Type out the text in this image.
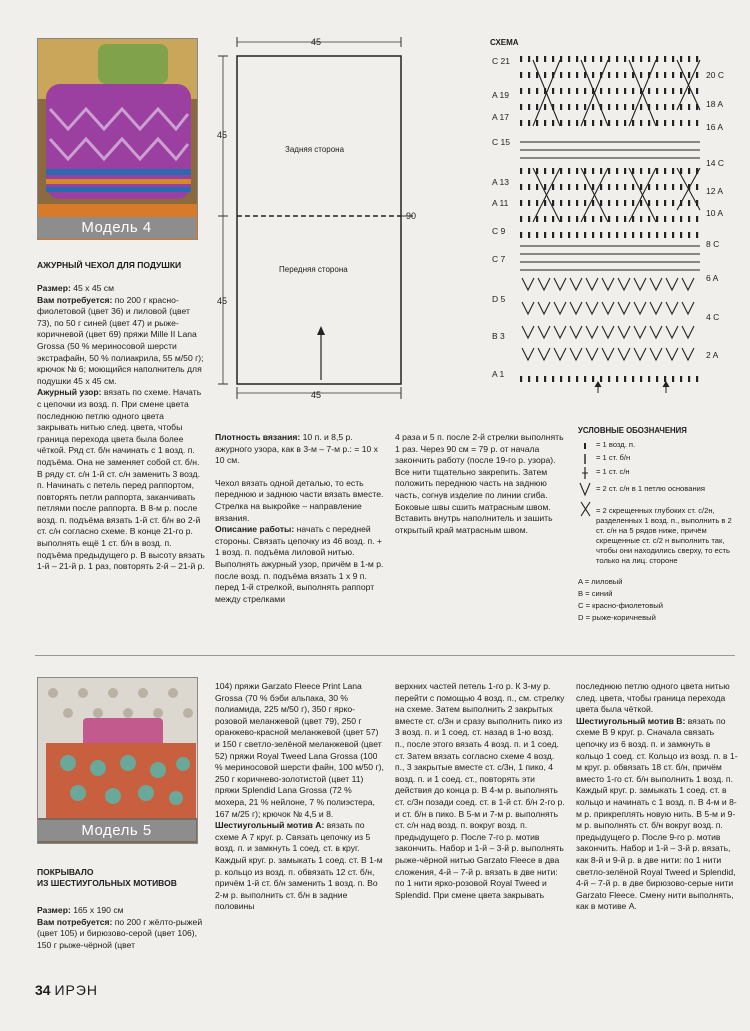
Модель 4
АЖУРНЫЙ ЧЕХОЛ ДЛЯ ПОДУШКИ

Размер: 45 х 45 см

Вам потребуется: по 200 г красно-фиолетовой (цвет 36) и лиловой (цвет 73), по 50 г синей (цвет 47) и рыже-коричневой (цвет 69) пряжи Mille II Lana Grossa (50 % мериносовой шерсти экстрафайн, 50 % полиакрила, 55 м/50 г); крючок № 6; моющийся наполнитель для подушки 45 х 45 см.

Ажурный узор: вязать по схеме. Начать с цепочки из возд. п. При смене цвета последнюю петлю одного цвета закрывать нитью след. цвета, чтобы граница перехода цвета была более чёткой. Ряд ст. б/н начинать с 1 возд. п. подъёма. Она не заменяет собой ст. б/н. В ряду ст. с/н 1-й ст. с/н заменить 3 возд. п. Начинать с петель перед раппортом, повторять петли раппорта, заканчивать петлями после раппорта. В 8-м р. после возд. п. подъёма вязать 1-й ст. б/н во 2-й ст. с/н согласно схеме. В конце 21-го р. выполнять ещё 1 ст. б/н в возд. п. подъёма предыдущего р. В высоту вязать 1-й – 21-й р. 1 раз, повторять 2-й – 21-й р.

45
45
45
90
45
Задняя сторона
Передняя сторона
СХЕМА
C 21
A 19
A 17
C 15
A 13
A 11
C 9
C 7
D 5
B 3
A 1
20 C
18 A
16 A
14 C
12 A
10 A
8 C
6 A
4 C
2 A

Плотность вязания: 10 п. и 8,5 р. ажурного узора, как в 3-м – 7-м р.: = 10 х 10 см.

Чехол вязать одной деталью, то есть переднюю и заднюю части вязать вместе. Стрелка на выкройке – направление вязания.

Описание работы: начать с передней стороны. Связать цепочку из 46 возд. п. + 1 возд. п. подъёма лиловой нитью. Выполнять ажурный узор, причём в 1-м р. после возд. п. подъёма вязать 1 х 9 п. перед 1-й стрелкой, выполнять раппорт между стрелками

4 раза и 5 п. после 2-й стрелки выполнять 1 раз. Через 90 см = 79 р. от начала закончить работу (после 19-го р. узора).

Все нити тщательно закрепить. Затем положить переднюю часть на заднюю часть, согнув изделие по линии сгиба. Боковые швы сшить матрасным швом. Вставить внутрь наполнитель и зашить открытый край матрасным швом.

УСЛОВНЫЕ ОБОЗНАЧЕНИЯ
= 1 возд. п.
= 1 ст. б/н
= 1 ст. с/н
= 2 ст. с/н в 1 петлю основания
= 2 скрещенных глубоких ст. с/2н, разделенных 1 возд. п., выполнить в 2 ст. с/н на 5 рядов ниже, причём скрещенные ст. с/2 н выполнить так, чтобы они находились сверху, то есть только на лиц. стороне
A = лиловый
B = синий
C = красно-фиолетовый
D = рыже-коричневый
Модель 5
ПОКРЫВАЛО
ИЗ ШЕСТИУГОЛЬНЫХ МОТИВОВ

Размер: 165 х 190 см

Вам потребуется: по 200 г жёлто-рыжей (цвет 105) и бирюзово-серой (цвет 106), 150 г рыже-чёрной (цвет

104) пряжи Garzato Fleece Print Lana Grossa (70 % бэби альпака, 30 % полиамида, 225 м/50 г), 350 г ярко-розовой меланжевой (цвет 79), 250 г оранжево-красной меланжевой (цвет 57) и 150 г светло-зелёной меланжевой (цвет 52) пряжи Royal Tweed Lana Grossa (100 % мериносовой шерсти файн, 100 м/50 г), 250 г коричнево-золотистой (цвет 11) пряжи Splendid Lana Grossa (72 % мохера, 21 % нейлоне, 7 % полиэстера, 167 м/25 г); крючок № 4,5 и 8.

Шестиугольный мотив А: вязать по схеме А 7 круг. р. Связать цепочку из 5 возд. п. и замкнуть 1 соед. ст. в круг. Каждый круг. р. замыкать 1 соед. ст. В 1-м р. кольцо из возд. п. обвязать 12 ст. б/н, причём 1-й ст. б/н заменить 1 возд. п. Во 2-м р. выполнить ст. б/н в задние половины

верхних частей петель 1-го р. К 3-му р. перейти с помощью 4 возд. п., см. стрелку на схеме. Затем выполнить 2 закрытых вместе ст. с/3н и сразу выполнить пико из 3 возд. п. и 1 соед. ст. назад в 1-ю возд. п., после этого вязать 4 возд. п. и 1 соед. ст. Затем вязать согласно схеме 4 возд. п., 3 закрытые вместе ст. с/3н, 1 пико, 4 возд. п. и 1 соед. ст., повторять эти действия до конца р. В 4-м р. выполнять ст. с/3н позади соед. ст. в 1-й ст. б/н 2-го р. и ст. б/н в пико. В 5-м и 7-м р. выполнять ст. с/н над возд. п. вокруг возд. п. предыдущего р. После 7-го р. мотив закончить. Набор и 1-й – 3-й р. выполнять рыже-чёрной нитью Garzato Fleece в два сложения, 4-й – 7-й р. вязать в две нити: по 1 нити ярко-розовой Royal Tweed и Splendid. При смене цвета закрывать

последнюю петлю одного цвета нитью след. цвета, чтобы граница перехода цвета была чёткой.

Шестиугольный мотив В: вязать по схеме В 9 круг. р. Сначала связать цепочку из 6 возд. п. и замкнуть в кольцо 1 соед. ст. Кольцо из возд. п. в 1-м круг. р. обвязать 18 ст. б/н, причём вместо 1-го ст. б/н выполнить 1 возд. п. Каждый круг. р. замыкать 1 соед. ст. в кольцо и начинать с 1 возд. п. В 4-м и 8-м р. прикреплять новую нить. В 5-м и 9-м р. выполнять ст. б/н вокруг возд. п. предыдущего р. После 9-го р. мотив закончить. Набор и 1-й – 3-й р. вязать, как 8-й и 9-й р. в две нити: по 1 нити светло-зелёной Royal Tweed и Splendid, 4-й – 7-й р. в две бирюзово-серые нити Garzato Fleece. Смену нити выполнять, как в мотиве А.

34 ИРЭН
